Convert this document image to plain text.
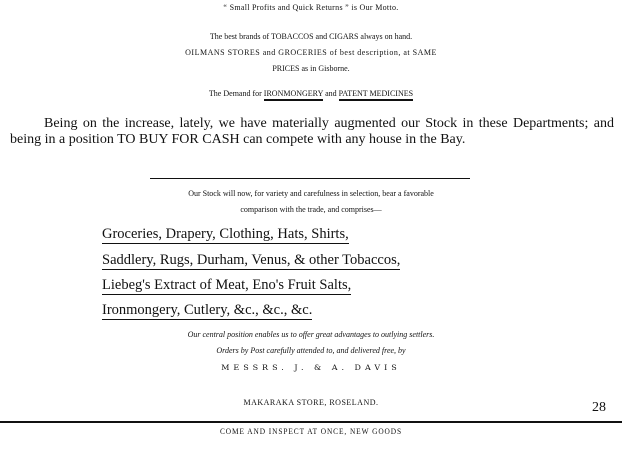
“ Small Profits and Quick Returns ” is Our Motto.
The best brands of TOBACCOS and CIGARS always on hand.
OILMANS STORES and GROCERIES of best description, at SAME
PRICES as in Gisborne.
The Demand for IRONMONGERY and PATENT MEDICINES
Being on the increase, lately, we have materially augmented our Stock in these Departments; and being in a position TO BUY FOR CASH can compete with any house in the Bay.
Our Stock will now, for variety and carefulness in selection, bear a favorable
comparison with the trade, and comprises—
Groceries, Drapery, Clothing, Hats, Shirts,
Saddlery, Rugs, Durham, Venus, & other Tobaccos,
Liebeg's Extract of Meat, Eno's Fruit Salts,
Ironmongery, Cutlery, &c., &c., &c.
Our central position enables us to offer great advantages to outlying settlers.
Orders by Post carefully attended to, and delivered free, by
MESSRS. J. & A. DAVIS
MAKARAKA STORE, ROSELAND.	28
COME AND INSPECT AT ONCE, NEW GOODS
